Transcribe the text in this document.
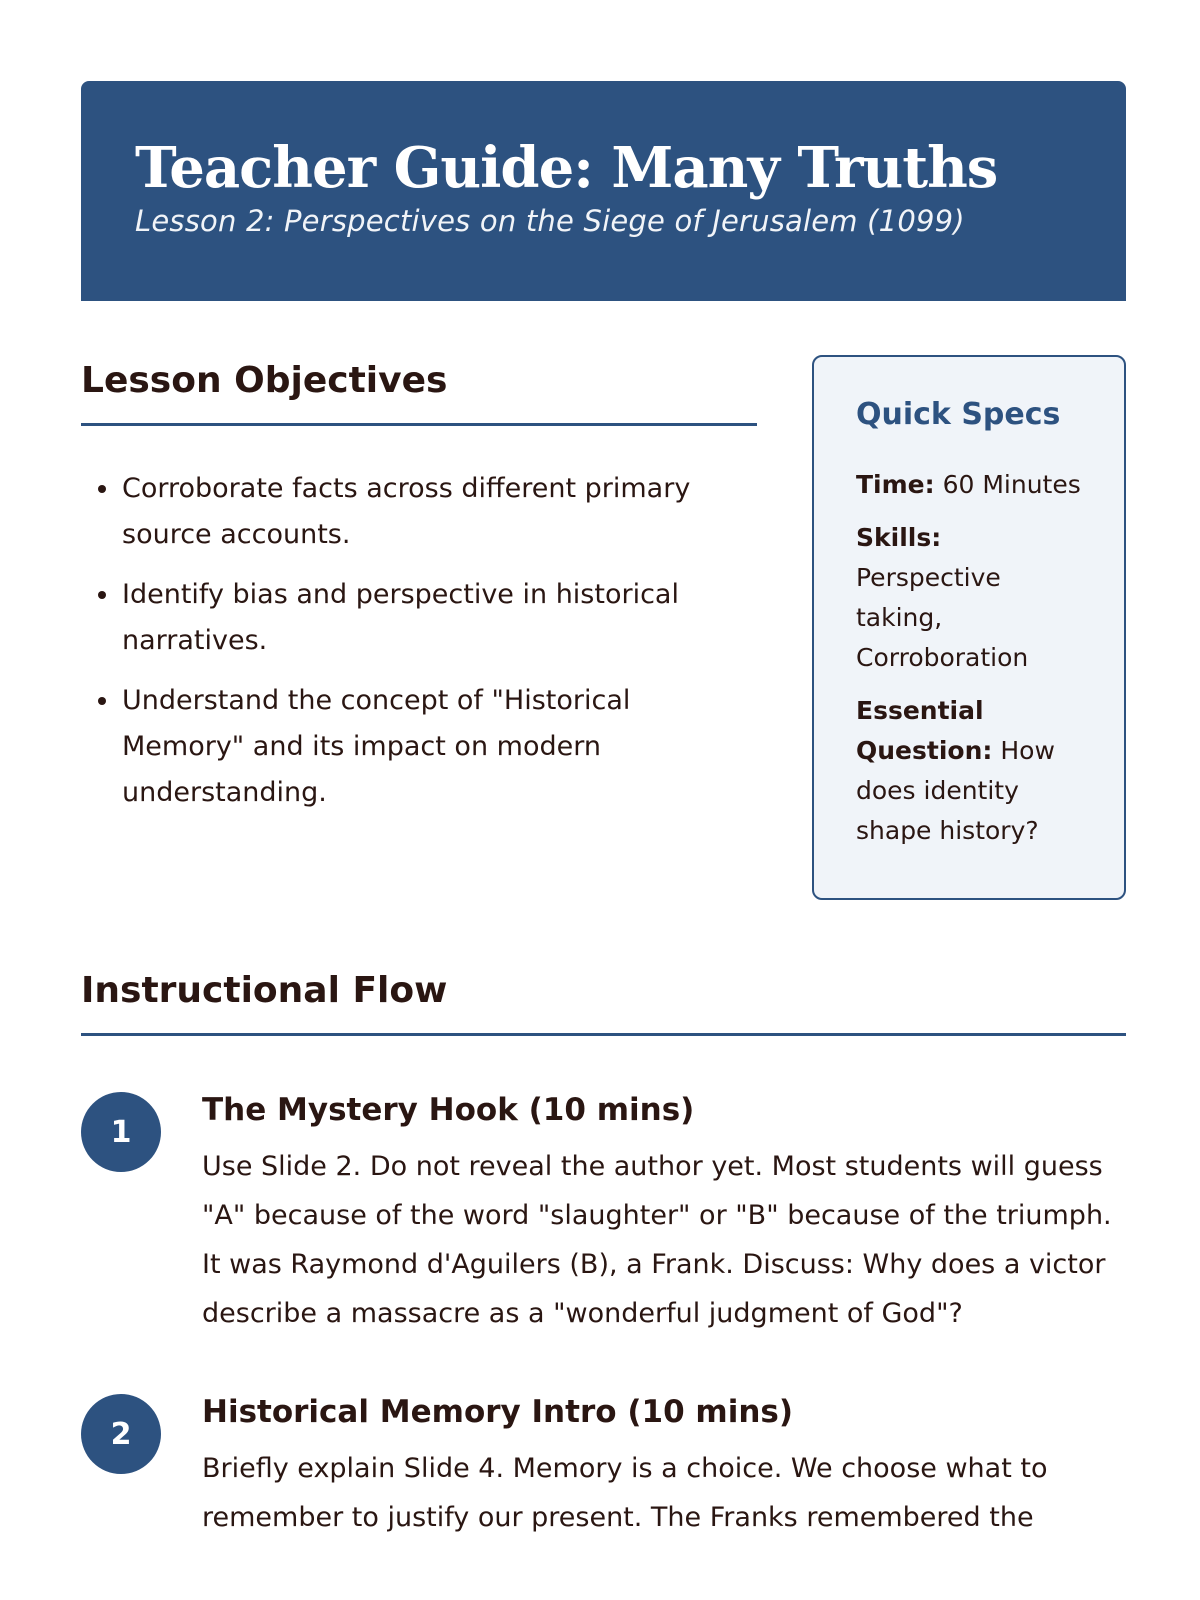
Teacher Guide: Many Truths

Lesson 2: Perspectives on the Siege of Jerusalem (1099)

Lesson Objectives
• Corroborate facts across different primary source accounts.
• Identify bias and perspective in historical narratives.
• Understand the concept of "Historical Memory" and its impact on modern understanding.
Quick Specs

Time: 60 Minutes

Skills:
Perspective taking, Corroboration

Essential Question: How does identity shape history?

Instructional Flow
1
The Mystery Hook (10 mins)

Use Slide 2. Do not reveal the author yet. Most students will guess "A" because of the word "slaughter" or "B" because of the triumph. It was Raymond d'Aguilers (B), a Frank. Discuss: Why does a victor describe a massacre as a "wonderful judgment of God"?

2
Historical Memory Intro (10 mins)

Briefly explain Slide 4. Memory is a choice. We choose what to remember to justify our present. The Franks remembered the
